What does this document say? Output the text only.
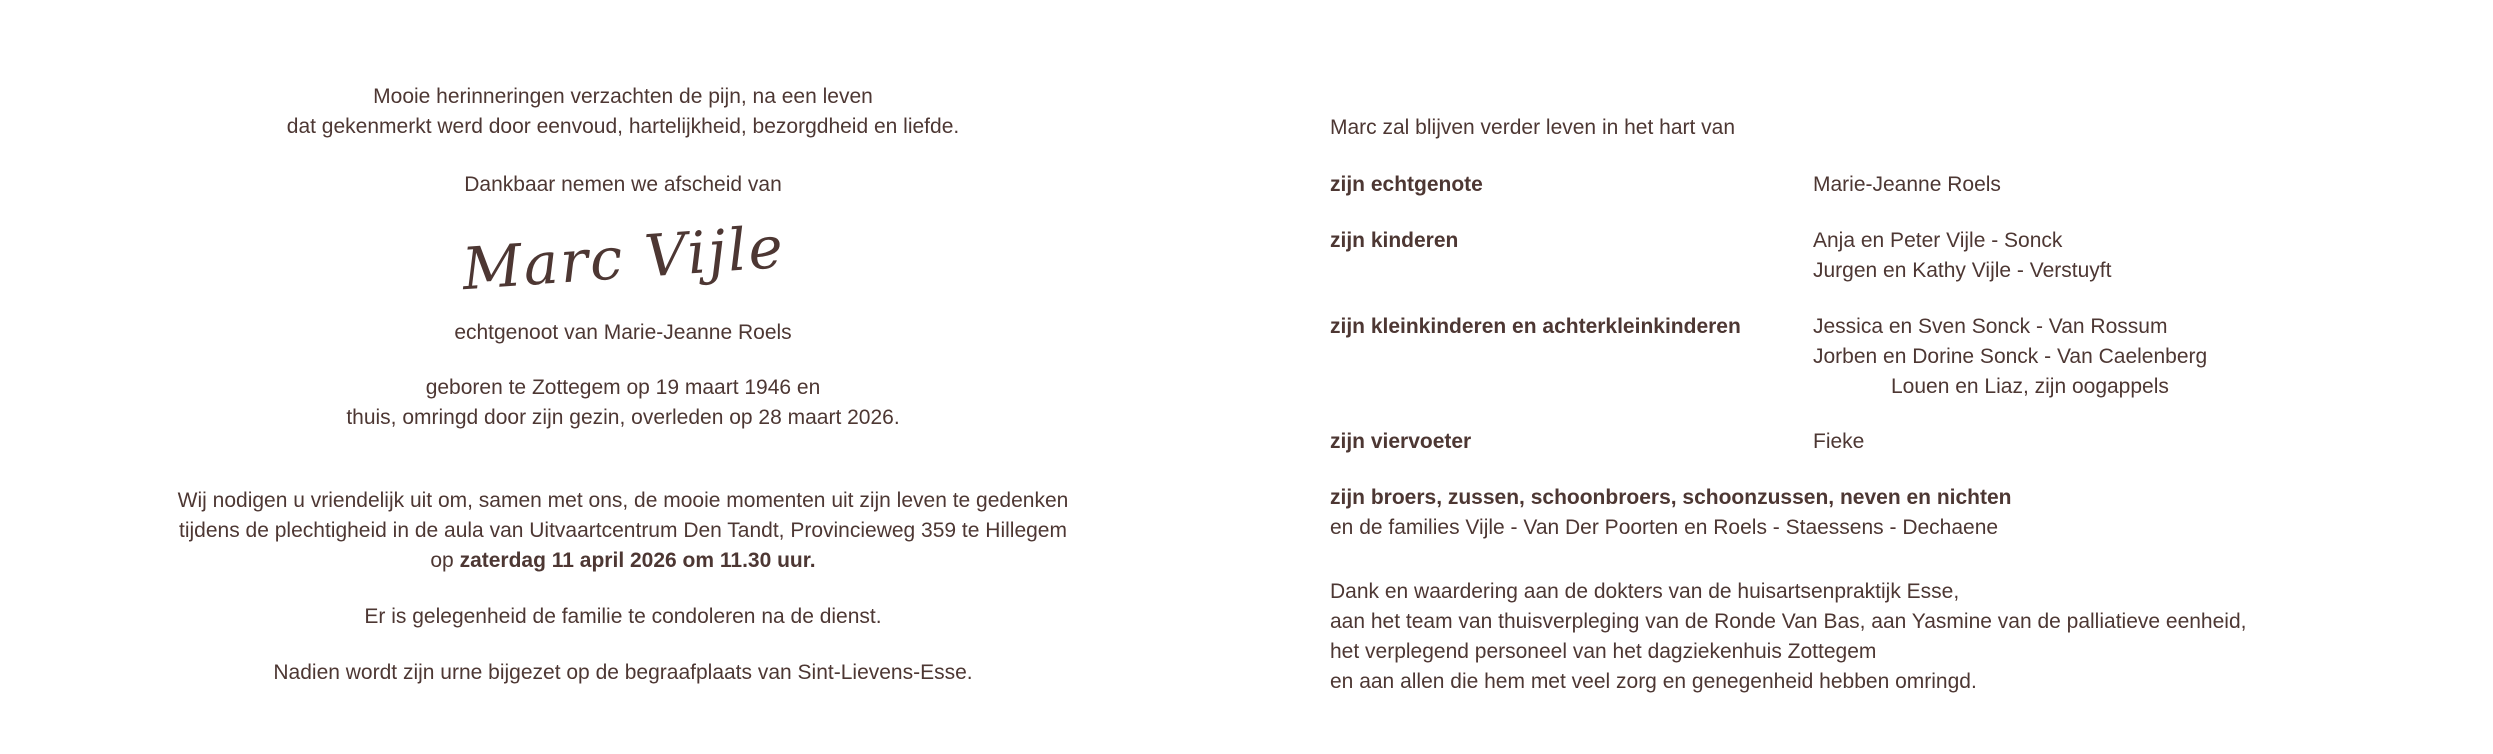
Mooie herinneringen verzachten de pijn, na een leven
dat gekenmerkt werd door eenvoud, hartelijkheid, bezorgdheid en liefde.

Dankbaar nemen we afscheid van

Marc Vijle

echtgenoot van Marie-Jeanne Roels

geboren te Zottegem op 19 maart 1946 en
thuis, omringd door zijn gezin, overleden op 28 maart 2026.

Wij nodigen u vriendelijk uit om, samen met ons, de mooie momenten uit zijn leven te gedenken
tijdens de plechtigheid in de aula van Uitvaartcentrum Den Tandt, Provincieweg 359 te Hillegem
op zaterdag 11 april 2026 om 11.30 uur.

Er is gelegenheid de familie te condoleren na de dienst.

Nadien wordt zijn urne bijgezet op de begraafplaats van Sint-Lievens-Esse.

Marc zal blijven verder leven in het hart van

zijn echtgenote	Marie-Jeanne Roels
zijn kinderen	Anja en Peter Vijle - Sonck
Jurgen en Kathy Vijle - Verstuyft
zijn kleinkinderen en achterkleinkinderen	Jessica en Sven Sonck - Van Rossum
Jorben en Dorine Sonck - Van Caelenberg
Louen en Liaz, zijn oogappels
zijn viervoeter	Fieke
zijn broers, zussen, schoonbroers, schoonzussen, neven en nichten
en de families Vijle - Van Der Poorten en Roels - Staessens - Dechaene
Dank en waardering aan de dokters van de huisartsenpraktijk Esse,
aan het team van thuisverpleging van de Ronde Van Bas, aan Yasmine van de palliatieve eenheid,
het verplegend personeel van het dagziekenhuis Zottegem
en aan allen die hem met veel zorg en genegenheid hebben omringd.
